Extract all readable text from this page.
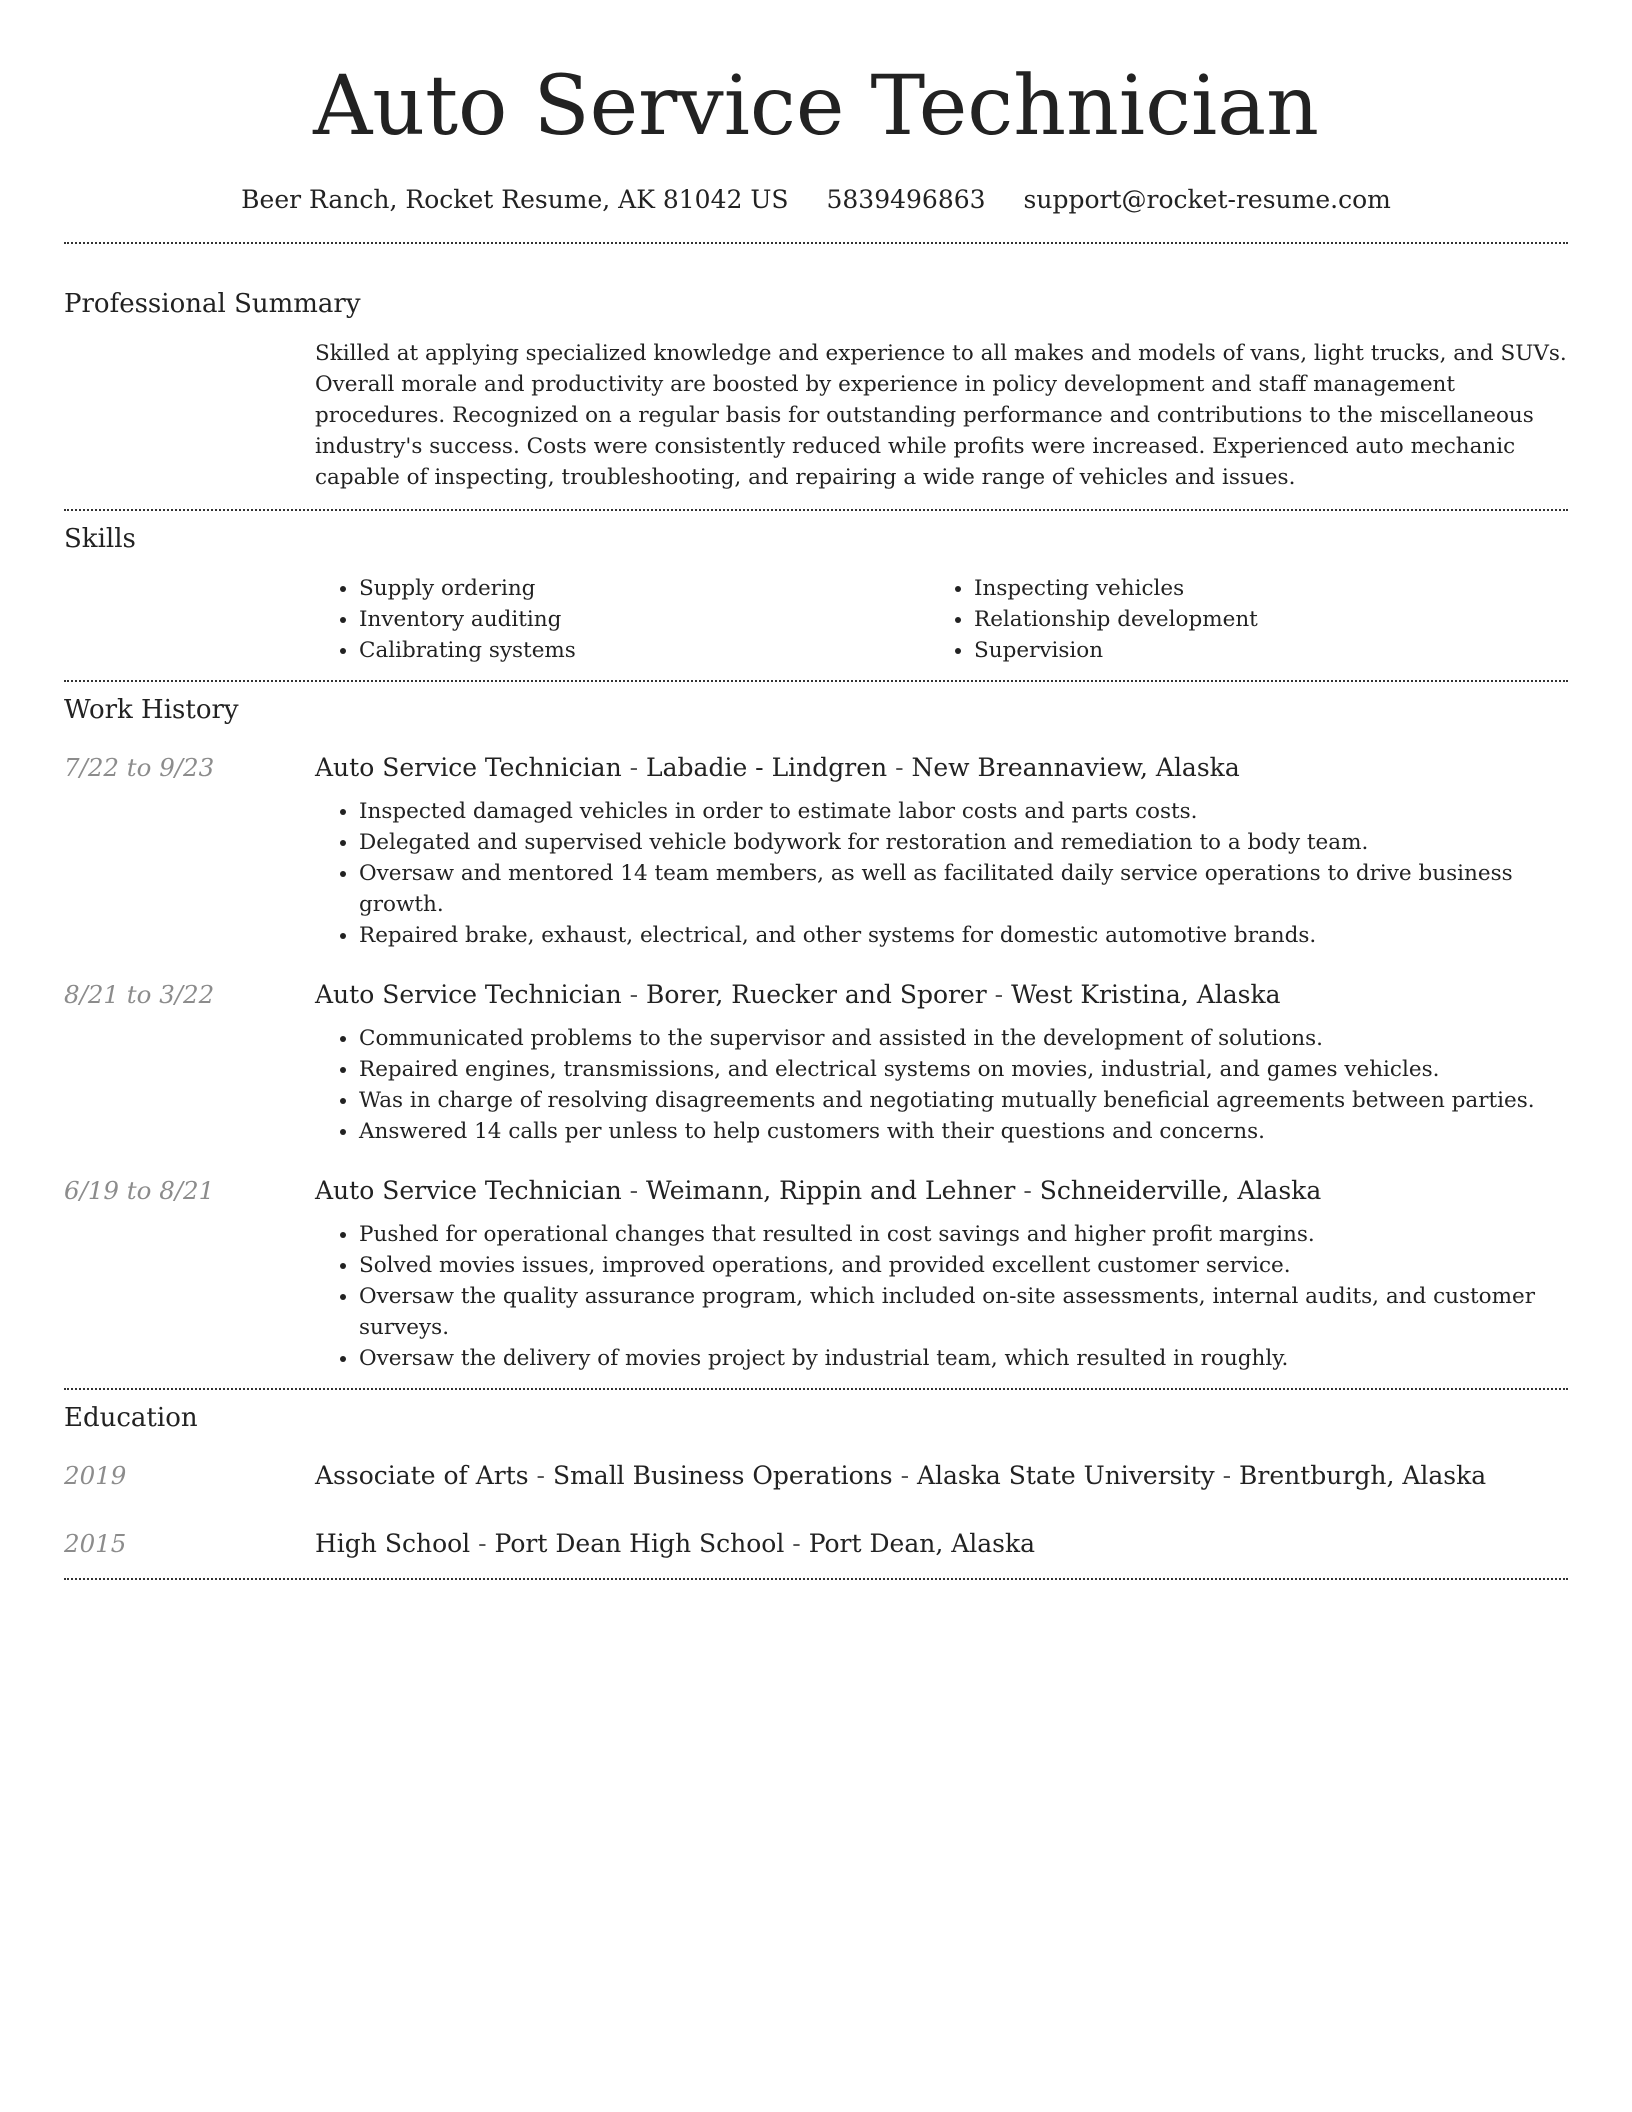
Auto Service Technician
Beer Ranch, Rocket Resume, AK 81042 US 5839496863 support@rocket-resume.com
Professional Summary

Skilled at applying specialized knowledge and experience to all makes and models of vans, light trucks, and SUVs. Overall morale and productivity are boosted by experience in policy development and staff management procedures. Recognized on a regular basis for outstanding performance and contributions to the miscellaneous industry's success. Costs were consistently reduced while profits were increased. Experienced auto mechanic capable of inspecting, troubleshooting, and repairing a wide range of vehicles and issues.

Skills
• Supply ordering
• Inventory auditing
• Calibrating systems
• Inspecting vehicles
• Relationship development
• Supervision
Work History
7/22 to 9/23	Auto Service Technician - Labadie - Lindgren - New Breannaview, Alaska
• Inspected damaged vehicles in order to estimate labor costs and parts costs.
• Delegated and supervised vehicle bodywork for restoration and remediation to a body team.
• Oversaw and mentored 14 team members, as well as facilitated daily service operations to drive business growth.
• Repaired brake, exhaust, electrical, and other systems for domestic automotive brands.
8/21 to 3/22	Auto Service Technician - Borer, Ruecker and Sporer - West Kristina, Alaska
• Communicated problems to the supervisor and assisted in the development of solutions.
• Repaired engines, transmissions, and electrical systems on movies, industrial, and games vehicles.
• Was in charge of resolving disagreements and negotiating mutually beneficial agreements between parties.
• Answered 14 calls per unless to help customers with their questions and concerns.
6/19 to 8/21	Auto Service Technician - Weimann, Rippin and Lehner - Schneiderville, Alaska
• Pushed for operational changes that resulted in cost savings and higher profit margins.
• Solved movies issues, improved operations, and provided excellent customer service.
• Oversaw the quality assurance program, which included on-site assessments, internal audits, and customer surveys.
• Oversaw the delivery of movies project by industrial team, which resulted in roughly.
Education
2019	Associate of Arts - Small Business Operations - Alaska State University - Brentburgh, Alaska
2015	High School - Port Dean High School - Port Dean, Alaska
